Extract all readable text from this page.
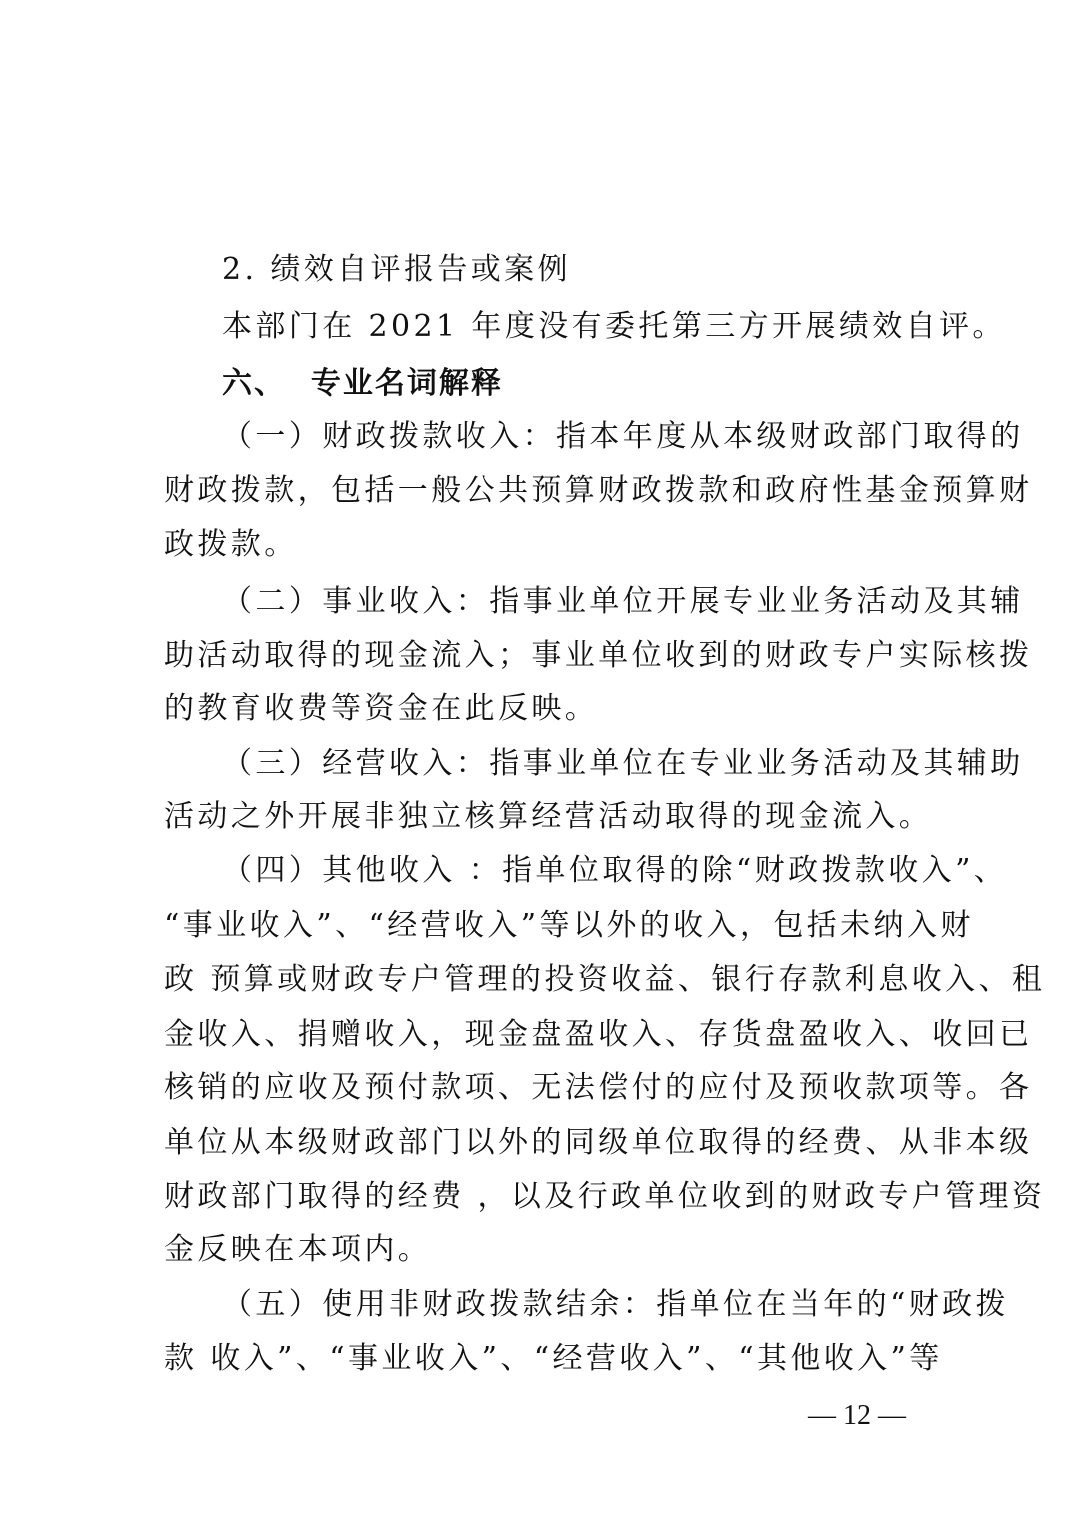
2. 绩效自评报告或案例
本部门在 2021 年度没有委托第三方开展绩效自评。
六、  专业名词解释
（一）财政拨款收入：指本年度从本级财政部门取得的
财政拨款，包括一般公共预算财政拨款和政府性基金预算财
政拨款。
（二）事业收入：指事业单位开展专业业务活动及其辅
助活动取得的现金流入；事业单位收到的财政专户实际核拨
的教育收费等资金在此反映。
（三）经营收入：指事业单位在专业业务活动及其辅助
活动之外开展非独立核算经营活动取得的现金流入。
（四）其他收入 ：指单位取得的除“财政拨款收入”、
“事业收入”、“经营收入”等以外的收入，包括未纳入财
政 预算或财政专户管理的投资收益、银行存款利息收入、租
金收入、捐赠收入，现金盘盈收入、存货盘盈收入、收回已
核销的应收及预付款项、无法偿付的应付及预收款项等。各
单位从本级财政部门以外的同级单位取得的经费、从非本级
财政部门取得的经费 ，以及行政单位收到的财政专户管理资
金反映在本项内。
（五）使用非财政拨款结余：指单位在当年的“财政拨
款 收入”、“事业收入”、“经营收入”、“其他收入”等
— 12 —
